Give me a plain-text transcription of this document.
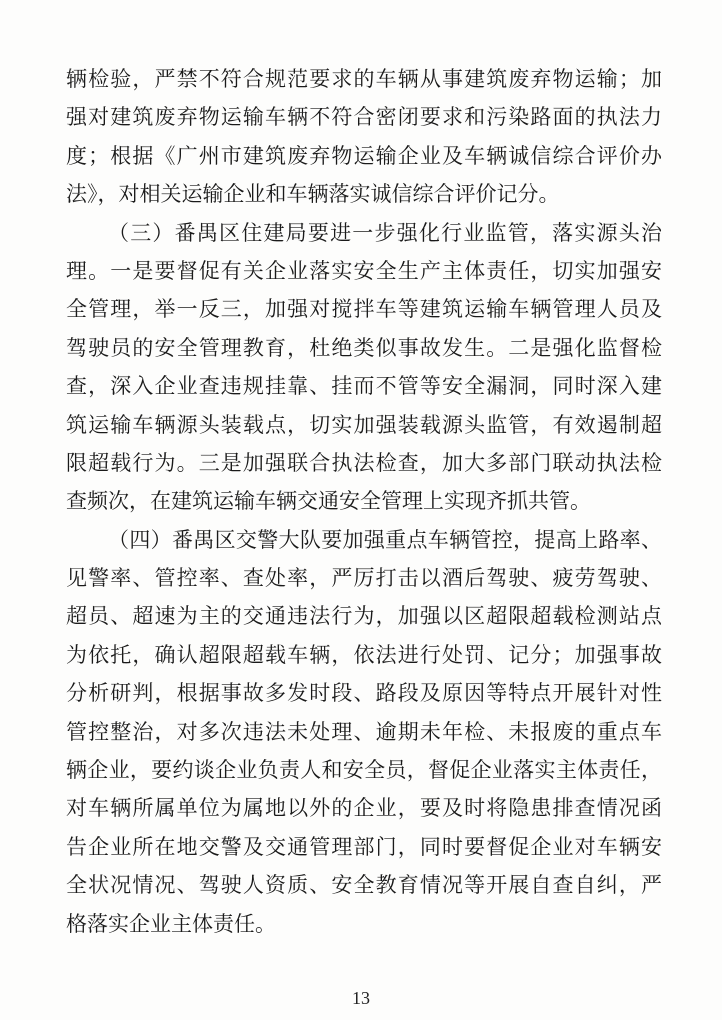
辆检验，严禁不符合规范要求的车辆从事建筑废弃物运输；加
强对建筑废弃物运输车辆不符合密闭要求和污染路面的执法力
度；根据《广州市建筑废弃物运输企业及车辆诚信综合评价办
法》，对相关运输企业和车辆落实诚信综合评价记分。
（三）番禺区住建局要进一步强化行业监管，落实源头治
理。一是要督促有关企业落实安全生产主体责任，切实加强安
全管理，举一反三，加强对搅拌车等建筑运输车辆管理人员及
驾驶员的安全管理教育，杜绝类似事故发生。二是强化监督检
查，深入企业查违规挂靠、挂而不管等安全漏洞，同时深入建
筑运输车辆源头装载点，切实加强装载源头监管，有效遏制超
限超载行为。三是加强联合执法检查，加大多部门联动执法检
查频次，在建筑运输车辆交通安全管理上实现齐抓共管。
（四）番禺区交警大队要加强重点车辆管控，提高上路率、
见警率、管控率、查处率，严厉打击以酒后驾驶、疲劳驾驶、
超员、超速为主的交通违法行为，加强以区超限超载检测站点
为依托，确认超限超载车辆，依法进行处罚、记分；加强事故
分析研判，根据事故多发时段、路段及原因等特点开展针对性
管控整治，对多次违法未处理、逾期未年检、未报废的重点车
辆企业，要约谈企业负责人和安全员，督促企业落实主体责任，
对车辆所属单位为属地以外的企业，要及时将隐患排查情况函
告企业所在地交警及交通管理部门，同时要督促企业对车辆安
全状况情况、驾驶人资质、安全教育情况等开展自查自纠，严
格落实企业主体责任。
13
